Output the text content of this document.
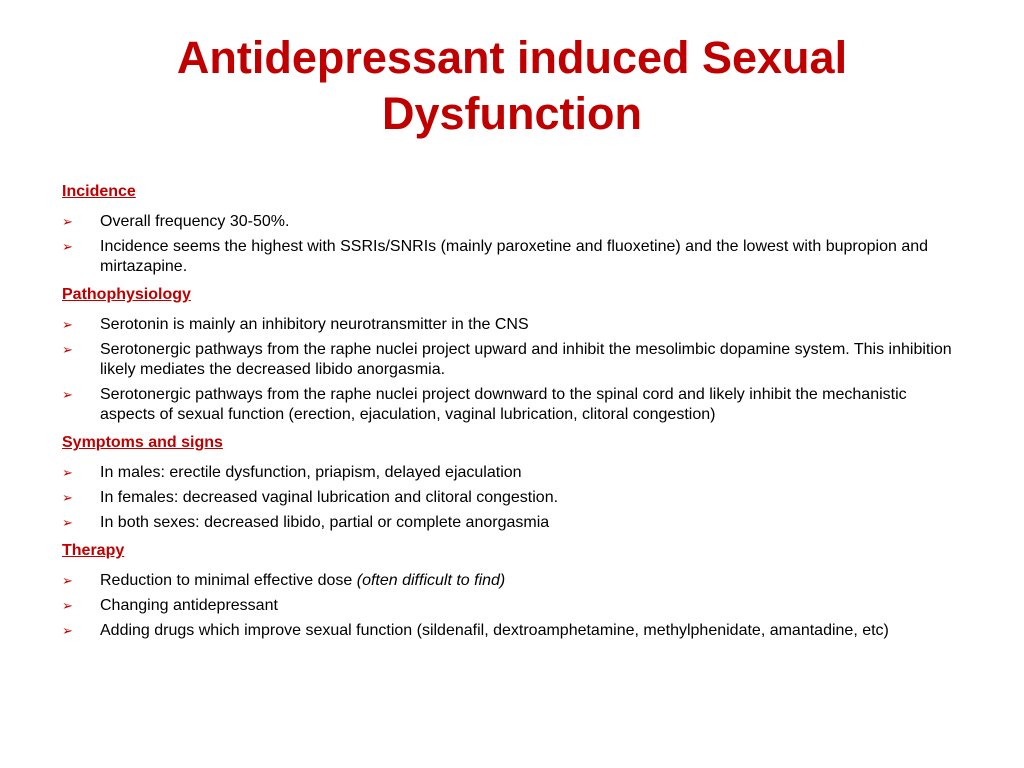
Antidepressant induced Sexual Dysfunction
Incidence
➢ Overall frequency 30-50%.
➢ Incidence seems the highest with SSRIs/SNRIs (mainly paroxetine and fluoxetine) and the lowest with bupropion and mirtazapine.
Pathophysiology
➢ Serotonin is mainly an inhibitory neurotransmitter in the CNS
➢ Serotonergic pathways from the raphe nuclei project upward and inhibit the mesolimbic dopamine system. This inhibition likely mediates the decreased libido anorgasmia.
➢ Serotonergic pathways from the raphe nuclei project downward to the spinal cord and likely inhibit the mechanistic aspects of sexual function (erection, ejaculation, vaginal lubrication, clitoral congestion)
Symptoms and signs
➢ In males: erectile dysfunction, priapism, delayed ejaculation
➢ In females: decreased vaginal lubrication and clitoral congestion.
➢ In both sexes: decreased libido, partial or complete anorgasmia
Therapy
➢ Reduction to minimal effective dose (often difficult to find)
➢ Changing antidepressant
➢ Adding drugs which improve sexual function (sildenafil, dextroamphetamine, methylphenidate, amantadine, etc)
